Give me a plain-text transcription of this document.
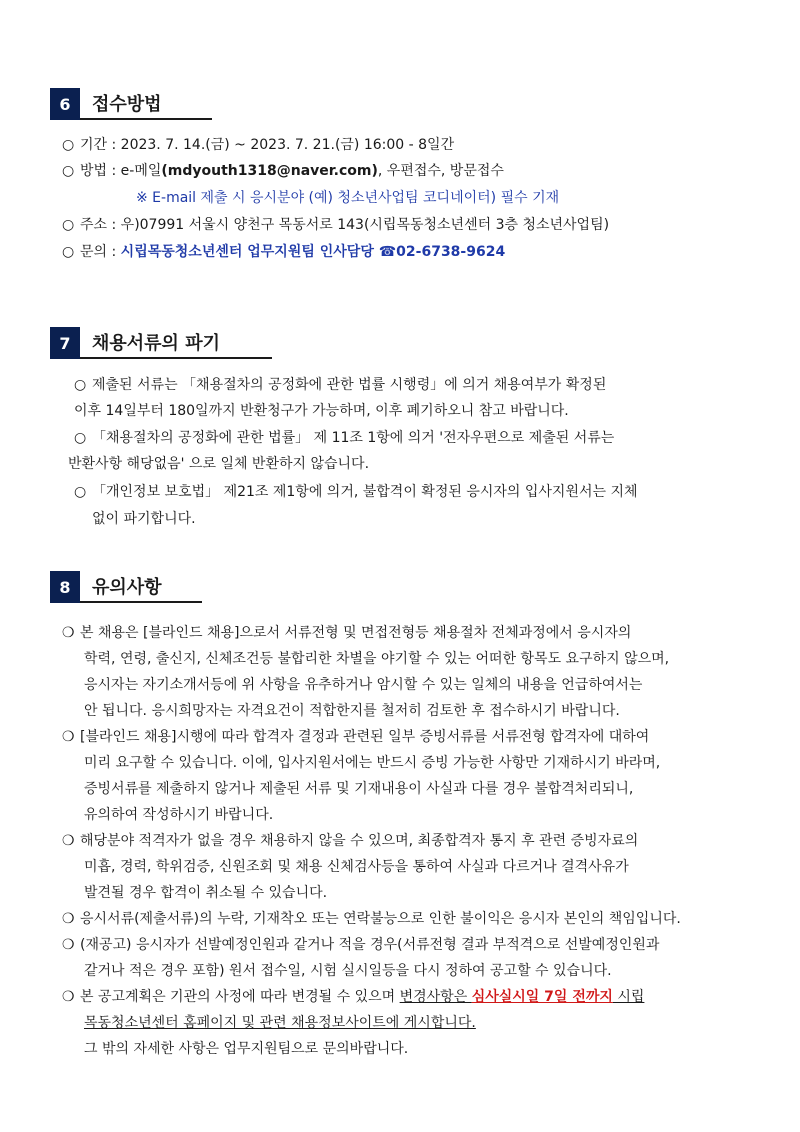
6	접수방법
○ 기간 : 2023. 7. 14.(금) ~ 2023. 7. 21.(금) 16:00 - 8일간
○ 방법 : e-메일(mdyouth1318@naver.com), 우편접수, 방문접수
※ E-mail 제출 시 응시분야 (예) 청소년사업팀 코디네이터) 필수 기재
○ 주소 : 우)07991 서울시 양천구 목동서로 143(시립목동청소년센터 3층 청소년사업팀)
○ 문의 : 시립목동청소년센터 업무지원팀 인사담당 ☎02-6738-9624
7	채용서류의 파기
○ 제출된 서류는 「채용절차의 공정화에 관한 법률 시행령」에 의거 채용여부가 확정된
이후 14일부터 180일까지 반환청구가 가능하며, 이후 폐기하오니 참고 바랍니다.
○ 「채용절차의 공정화에 관한 법률」 제 11조 1항에 의거 '전자우편으로 제출된 서류는
반환사항 해당없음' 으로 일체 반환하지 않습니다.
○ 「개인정보 보호법」 제21조 제1항에 의거, 불합격이 확정된 응시자의 입사지원서는 지체
없이 파기합니다.
8	유의사항
❍ 본 채용은 [블라인드 채용]으로서 서류전형 및 면접전형등 채용절차 전체과정에서 응시자의
학력, 연령, 출신지, 신체조건등 불합리한 차별을 야기할 수 있는 어떠한 항목도 요구하지 않으며,
응시자는 자기소개서등에 위 사항을 유추하거나 암시할 수 있는 일체의 내용을 언급하여서는
안 됩니다. 응시희망자는 자격요건이 적합한지를 철저히 검토한 후 접수하시기 바랍니다.
❍ [블라인드 채용]시행에 따라 합격자 결정과 관련된 일부 증빙서류를 서류전형 합격자에 대하여
미리 요구할 수 있습니다. 이에, 입사지원서에는 반드시 증빙 가능한 사항만 기재하시기 바라며,
증빙서류를 제출하지 않거나 제출된 서류 및 기재내용이 사실과 다를 경우 불합격처리되니,
유의하여 작성하시기 바랍니다.
❍ 해당분야 적격자가 없을 경우 채용하지 않을 수 있으며, 최종합격자 통지 후 관련 증빙자료의
미흡, 경력, 학위검증, 신원조회 및 채용 신체검사등을 통하여 사실과 다르거나 결격사유가
발견될 경우 합격이 취소될 수 있습니다.
❍ 응시서류(제출서류)의 누락, 기재착오 또는 연락불능으로 인한 불이익은 응시자 본인의 책임입니다.
❍ (재공고) 응시자가 선발예정인원과 같거나 적을 경우(서류전형 결과 부적격으로 선발예정인원과
같거나 적은 경우 포함) 원서 접수일, 시험 실시일등을 다시 정하여 공고할 수 있습니다.
❍ 본 공고계획은 기관의 사정에 따라 변경될 수 있으며 변경사항은 심사실시일 7일 전까지 시립
목동청소년센터 홈페이지 및 관련 채용정보사이트에 게시합니다.
그 밖의 자세한 사항은 업무지원팀으로 문의바랍니다.
